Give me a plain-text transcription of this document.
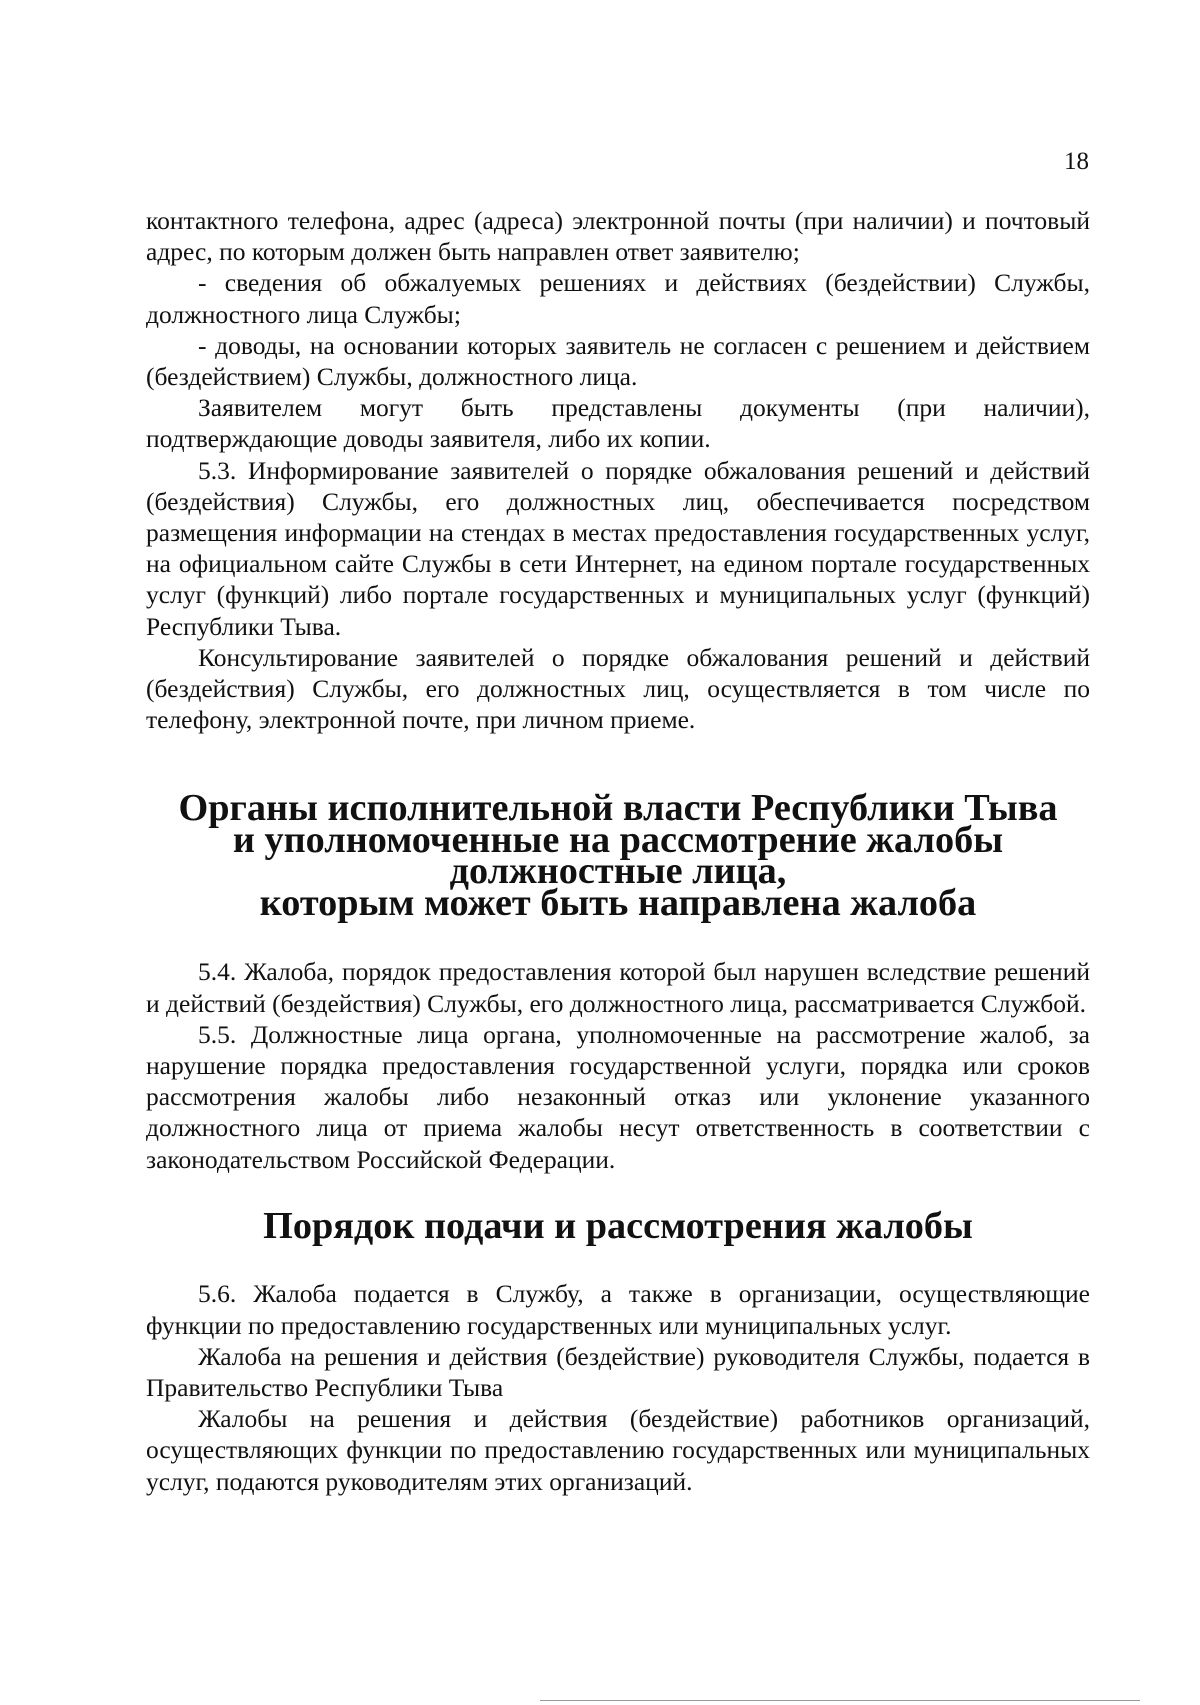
18

контактного телефона, адрес (адреса) электронной почты (при наличии) и почтовый адрес, по которым должен быть направлен ответ заявителю;

- сведения об обжалуемых решениях и действиях (бездействии) Службы, должностного лица Службы;

- доводы, на основании которых заявитель не согласен с решением и действием (бездействием) Службы, должностного лица.

Заявителем могут быть представлены документы (при наличии), подтверждающие доводы заявителя, либо их копии.

5.3. Информирование заявителей о порядке обжалования решений и действий (бездействия) Службы, его должностных лиц, обеспечивается посредством размещения информации на стендах в местах предоставления государственных услуг, на официальном сайте Службы в сети Интернет, на едином портале государственных услуг (функций) либо портале государственных и муниципальных услуг (функций) Республики Тыва.

Консультирование заявителей о порядке обжалования решений и действий (бездействия) Службы, его должностных лиц, осуществляется в том числе по телефону, электронной почте, при личном приеме.

Органы исполнительной власти Республики Тыва
и уполномоченные на рассмотрение жалобы должностные лица,
которым может быть направлена жалоба

5.4. Жалоба, порядок предоставления которой был нарушен вследствие решений и действий (бездействия) Службы, его должностного лица, рассматривается Службой.

5.5. Должностные лица органа, уполномоченные на рассмотрение жалоб, за нарушение порядка предоставления государственной услуги, порядка или сроков рассмотрения жалобы либо незаконный отказ или уклонение указанного должностного лица от приема жалобы несут ответственность в соответствии с законодательством Российской Федерации.

Порядок подачи и рассмотрения жалобы

5.6. Жалоба подается в Службу, а также в организации, осуществляющие функции по предоставлению государственных или муниципальных услуг.

Жалоба на решения и действия (бездействие) руководителя Службы, подается в Правительство Республики Тыва

Жалобы на решения и действия (бездействие) работников организаций, осуществляющих функции по предоставлению государственных или муниципальных услуг, подаются руководителям этих организаций.
